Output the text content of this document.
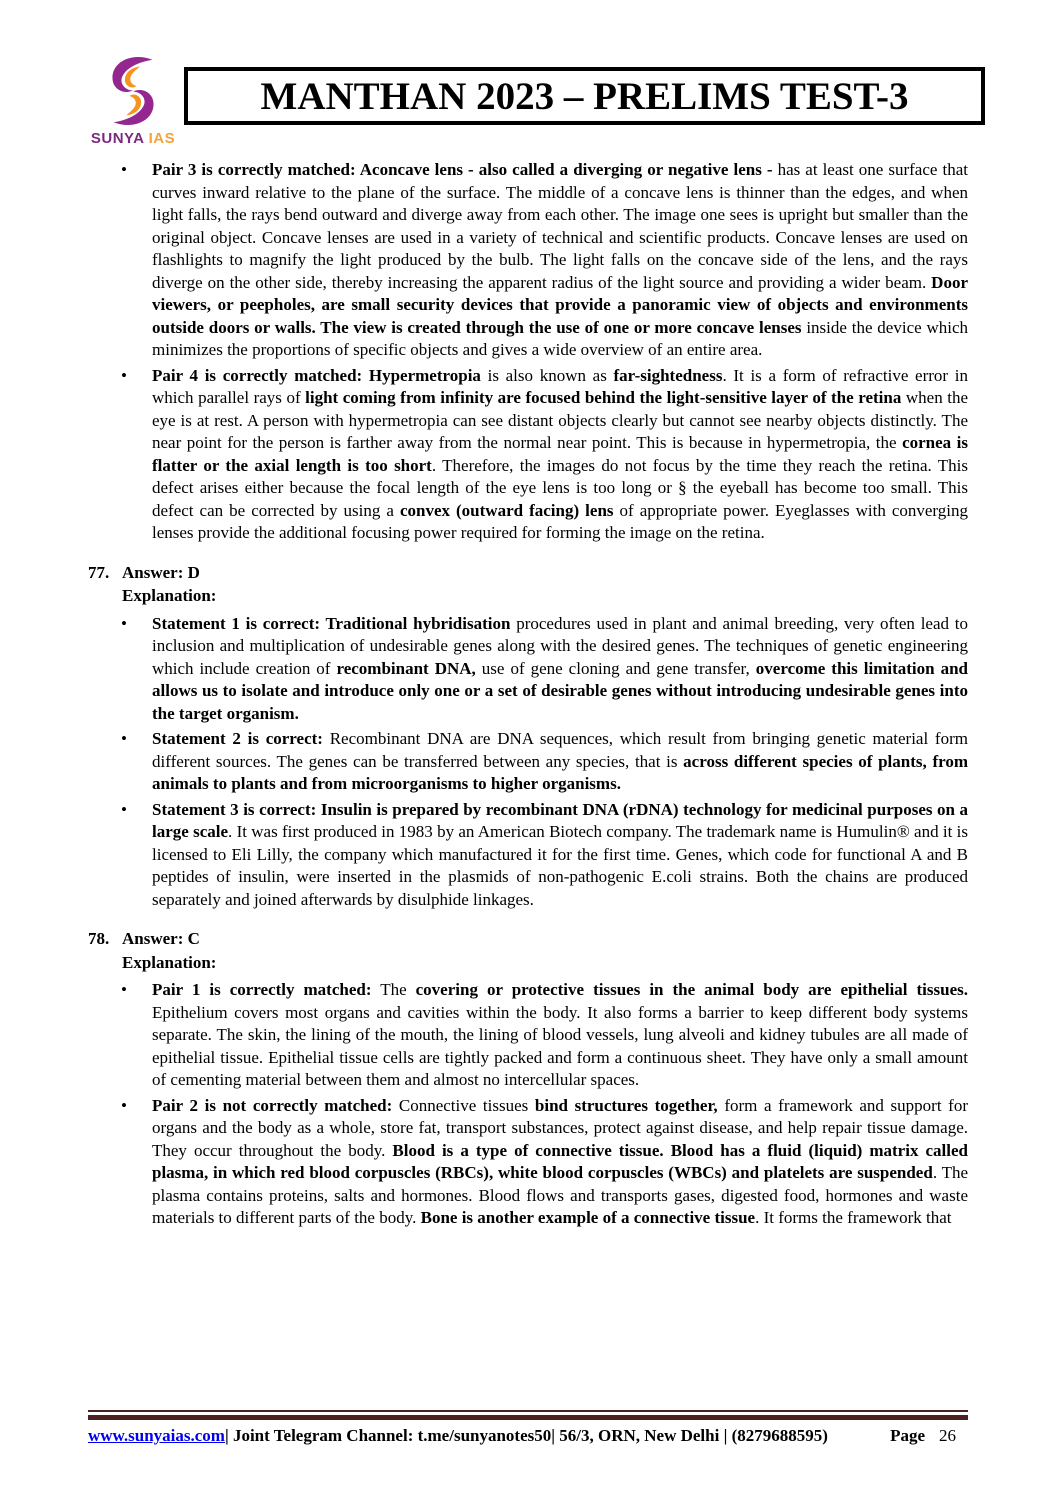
SUNYA IAS
MANTHAN 2023 – PRELIMS TEST-3
• Pair 3 is correctly matched: Aconcave lens - also called a diverging or negative lens - has at least one surface that curves inward relative to the plane of the surface. The middle of a concave lens is thinner than the edges, and when light falls, the rays bend outward and diverge away from each other. The image one sees is upright but smaller than the original object. Concave lenses are used in a variety of technical and scientific products. Concave lenses are used on flashlights to magnify the light produced by the bulb. The light falls on the concave side of the lens, and the rays diverge on the other side, thereby increasing the apparent radius of the light source and providing a wider beam. Door viewers, or peepholes, are small security devices that provide a panoramic view of objects and environments outside doors or walls. The view is created through the use of one or more concave lenses inside the device which minimizes the proportions of specific objects and gives a wide overview of an entire area.
• Pair 4 is correctly matched: Hypermetropia is also known as far-sightedness. It is a form of refractive error in which parallel rays of light coming from infinity are focused behind the light-sensitive layer of the retina when the eye is at rest. A person with hypermetropia can see distant objects clearly but cannot see nearby objects distinctly. The near point for the person is farther away from the normal near point. This is because in hypermetropia, the cornea is flatter or the axial length is too short. Therefore, the images do not focus by the time they reach the retina. This defect arises either because the focal length of the eye lens is too long or § the eyeball has become too small. This defect can be corrected by using a convex (outward facing) lens of appropriate power. Eyeglasses with converging lenses provide the additional focusing power required for forming the image on the retina.
77. Answer: D
Explanation:
• Statement 1 is correct: Traditional hybridisation procedures used in plant and animal breeding, very often lead to inclusion and multiplication of undesirable genes along with the desired genes. The techniques of genetic engineering which include creation of recombinant DNA, use of gene cloning and gene transfer, overcome this limitation and allows us to isolate and introduce only one or a set of desirable genes without introducing undesirable genes into the target organism.
• Statement 2 is correct: Recombinant DNA are DNA sequences, which result from bringing genetic material form different sources. The genes can be transferred between any species, that is across different species of plants, from animals to plants and from microorganisms to higher organisms.
• Statement 3 is correct: Insulin is prepared by recombinant DNA (rDNA) technology for medicinal purposes on a large scale. It was first produced in 1983 by an American Biotech company. The trademark name is Humulin® and it is licensed to Eli Lilly, the company which manufactured it for the first time. Genes, which code for functional A and B peptides of insulin, were inserted in the plasmids of non-pathogenic E.coli strains. Both the chains are produced separately and joined afterwards by disulphide linkages.
78. Answer: C
Explanation:
• Pair 1 is correctly matched: The covering or protective tissues in the animal body are epithelial tissues. Epithelium covers most organs and cavities within the body. It also forms a barrier to keep different body systems separate. The skin, the lining of the mouth, the lining of blood vessels, lung alveoli and kidney tubules are all made of epithelial tissue. Epithelial tissue cells are tightly packed and form a continuous sheet. They have only a small amount of cementing material between them and almost no intercellular spaces.
• Pair 2 is not correctly matched: Connective tissues bind structures together, form a framework and support for organs and the body as a whole, store fat, transport substances, protect against disease, and help repair tissue damage. They occur throughout the body. Blood is a type of connective tissue. Blood has a fluid (liquid) matrix called plasma, in which red blood corpuscles (RBCs), white blood corpuscles (WBCs) and platelets are suspended. The plasma contains proteins, salts and hormones. Blood flows and transports gases, digested food, hormones and waste materials to different parts of the body. Bone is another example of a connective tissue. It forms the framework that
www.sunyaias.com| Joint Telegram Channel: t.me/sunyanotes50| 56/3, ORN, New Delhi | (8279688595)	Page 26
